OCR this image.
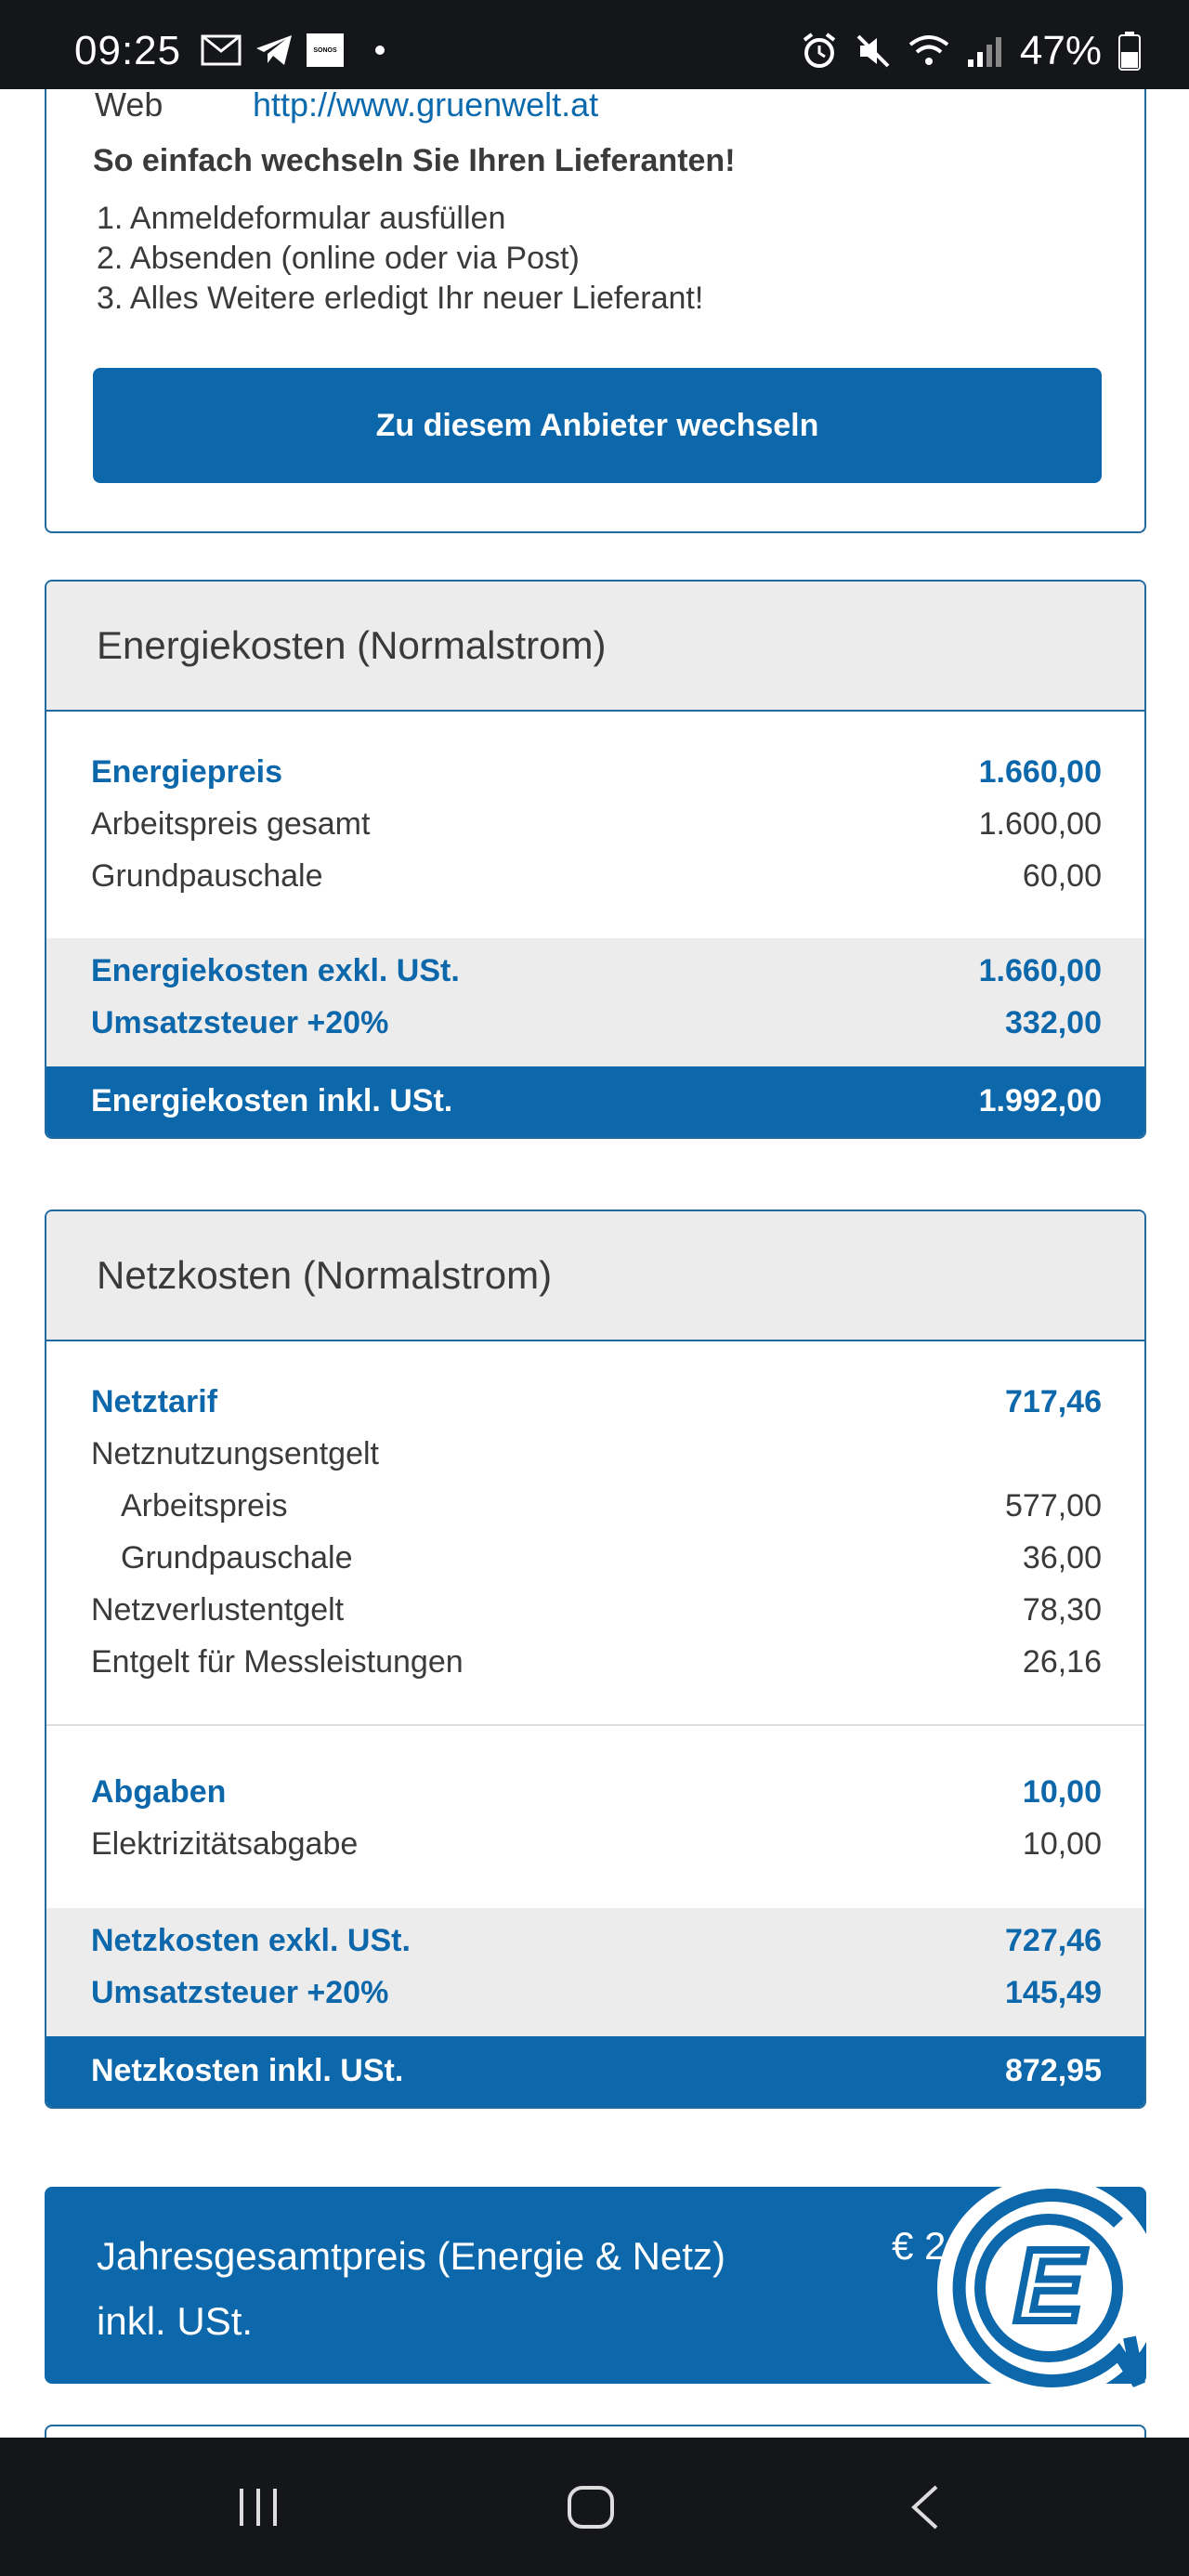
09:25	SONOS	47%
Web	http://www.gruenwelt.at
So einfach wechseln Sie Ihren Lieferanten!
1. Anmeldeformular ausfüllen
2. Absenden (online oder via Post)
3. Alles Weitere erledigt Ihr neuer Lieferant!
Zu diesem Anbieter wechseln
Energiekosten (Normalstrom)
Energiepreis	1.660,00
Arbeitspreis gesamt	1.600,00
Grundpauschale	60,00
Energiekosten exkl. USt.	1.660,00
Umsatzsteuer +20%	332,00
Energiekosten inkl. USt.	1.992,00
Netzkosten (Normalstrom)
Netztarif	717,46
Netznutzungsentgelt
Arbeitspreis	577,00
Grundpauschale	36,00
Netzverlustentgelt	78,30
Entgelt für Messleistungen	26,16
Abgaben	10,00
Elektrizitätsabgabe	10,00
Netzkosten exkl. USt.	727,46
Umsatzsteuer +20%	145,49
Netzkosten inkl. USt.	872,95
Jahresgesamtpreis (Energie & Netz)
inkl. USt.
€ 2 E
